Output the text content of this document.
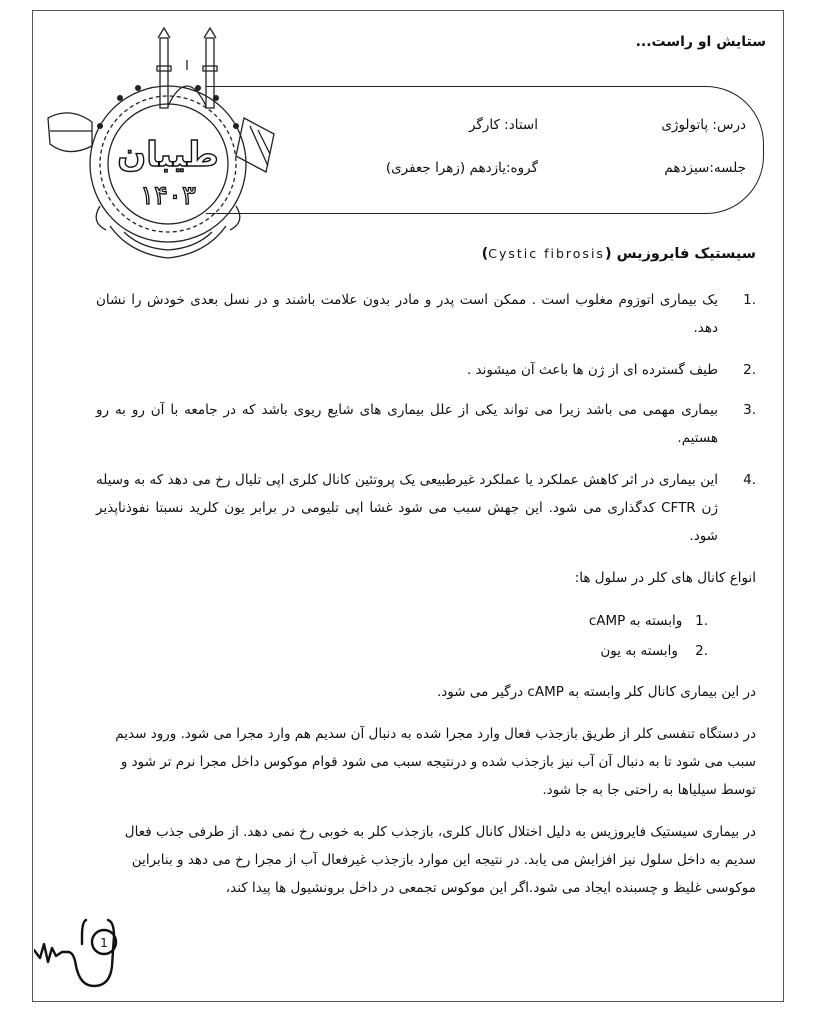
ستایش او راست...
درس: پاتولوژی
استاد: کارگر
جلسه:سیزدهم
گروه:یازدهم (زهرا جعفری)
طیبان
۱۴۰۳
سیستیک فایروزیس (Cystic fibrosis)
.1
یک بیماری اتوزوم مغلوب است . ممکن است پدر و مادر بدون علامت باشند و در نسل بعدی خودش را نشان دهد.
.2
طیف گسترده ای از ژن ها باعث آن میشوند .
.3
بیماری مهمی می باشد زیرا می تواند یکی از علل بیماری های شایع ریوی باشد که در جامعه با آن رو به رو هستیم.
.4
این بیماری در اثر کاهش عملکرد یا عملکرد غیرطبیعی یک پروتئین کانال کلری اپی تلیال رخ می دهد که به وسیله ژن CFTR کدگذاری می شود. این جهش سبب می شود غشا اپی تلیومی در برابر یون کلرید نسبتا نفوذناپذیر شود.
انواع کانال های کلر در سلول ها:
.1   وابسته به cAMP
.2    وابسته به یون
در این بیماری کانال کلر وابسته به cAMP درگیر می شود.
در دستگاه تنفسی کلر از طریق بازجذب فعال وارد مجرا شده به دنبال آن سدیم هم وارد مجرا می شود. ورود سدیم سبب می شود تا به دنبال آن آب نیز بازجذب شده و درنتیجه سبب می شود قوام موکوس داخل مجرا نرم تر شود و توسط سیلیاها به راحتی جا به جا شود.
در بیماری سیستیک فایروزیس به دلیل اختلال کانال کلری، بازجذب کلر به خوبی رخ نمی دهد. از طرفی جذب فعال سدیم به داخل سلول نیز افزایش می یابد. در نتیجه این موارد بازجذب غیرفعال آب از مجرا رخ می دهد و بنابراین موکوسی غلیظ و چسبنده ایجاد می شود.اگر این موکوس تجمعی در داخل برونشیول ها پیدا کند،
1
